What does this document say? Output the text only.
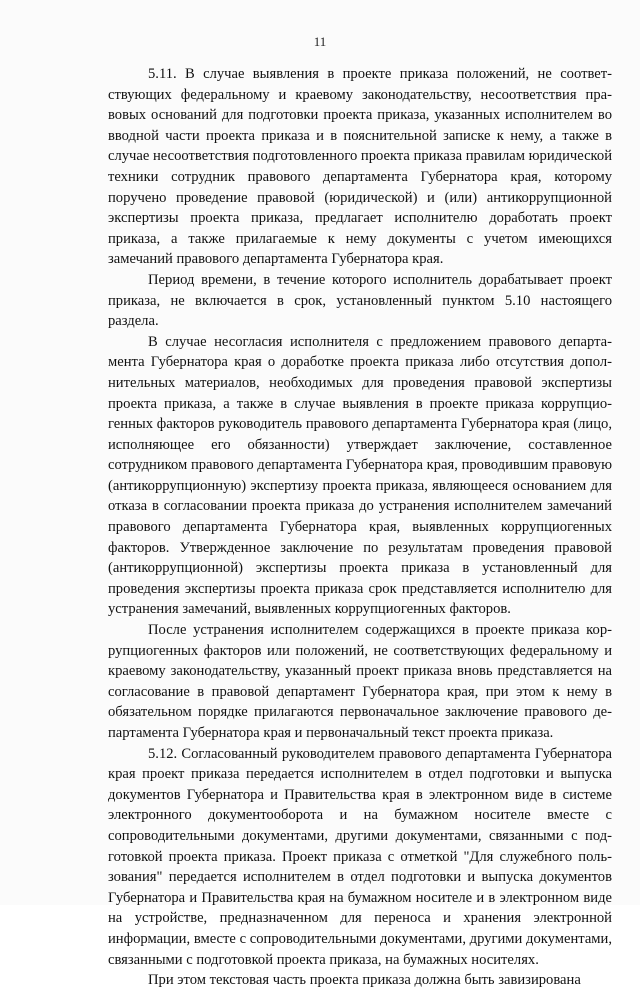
11

5.11. В случае выявления в проекте приказа положений, не соответствующих федеральному и краевому законодательству, несоответствия правовых оснований для подготовки проекта приказа, указанных исполнителем во вводной части проекта приказа и в пояснительной записке к нему, а также в случае несоответствия подготовленного проекта приказа правилам юридической техники сотрудник правового департамента Губернатора края, которому поручено проведение правовой (юридической) и (или) антикоррупционной экспертизы проекта приказа, предлагает исполнителю доработать проект приказа, а также прилагаемые к нему документы с учетом имеющихся замечаний правового департамента Губернатора края.

Период времени, в течение которого исполнитель дорабатывает проект приказа, не включается в срок, установленный пунктом 5.10 настоящего раздела.

В случае несогласия исполнителя с предложением правового департамента Губернатора края о доработке проекта приказа либо отсутствия дополнительных материалов, необходимых для проведения правовой экспертизы проекта приказа, а также в случае выявления в проекте приказа коррупциогенных факторов руководитель правового департамента Губернатора края (лицо, исполняющее его обязанности) утверждает заключение, составленное сотрудником правового департамента Губернатора края, проводившим правовую (антикоррупционную) экспертизу проекта приказа, являющееся основанием для отказа в согласовании проекта приказа до устранения исполнителем замечаний правового департамента Губернатора края, выявленных коррупциогенных факторов. Утвержденное заключение по результатам проведения правовой (антикоррупционной) экспертизы проекта приказа в установленный для проведения экспертизы проекта приказа срок представляется исполнителю для устранения замечаний, выявленных коррупциогенных факторов.

После устранения исполнителем содержащихся в проекте приказа коррупциогенных факторов или положений, не соответствующих федеральному и краевому законодательству, указанный проект приказа вновь представляется на согласование в правовой департамент Губернатора края, при этом к нему в обязательном порядке прилагаются первоначальное заключение правового департамента Губернатора края и первоначальный текст проекта приказа.

5.12. Согласованный руководителем правового департамента Губернатора края проект приказа передается исполнителем в отдел подготовки и выпуска документов Губернатора и Правительства края в электронном виде в системе электронного документооборота и на бумажном носителе вместе с сопроводительными документами, другими документами, связанными с подготовкой проекта приказа. Проект приказа с отметкой "Для служебного пользования" передается исполнителем в отдел подготовки и выпуска документов Губернатора и Правительства края на бумажном носителе и в электронном виде на устройстве, предназначенном для переноса и хранения электронной информации, вместе с сопроводительными документами, другими документами, связанными с подготовкой проекта приказа, на бумажных носителях.

При этом текстовая часть проекта приказа должна быть завизирована
